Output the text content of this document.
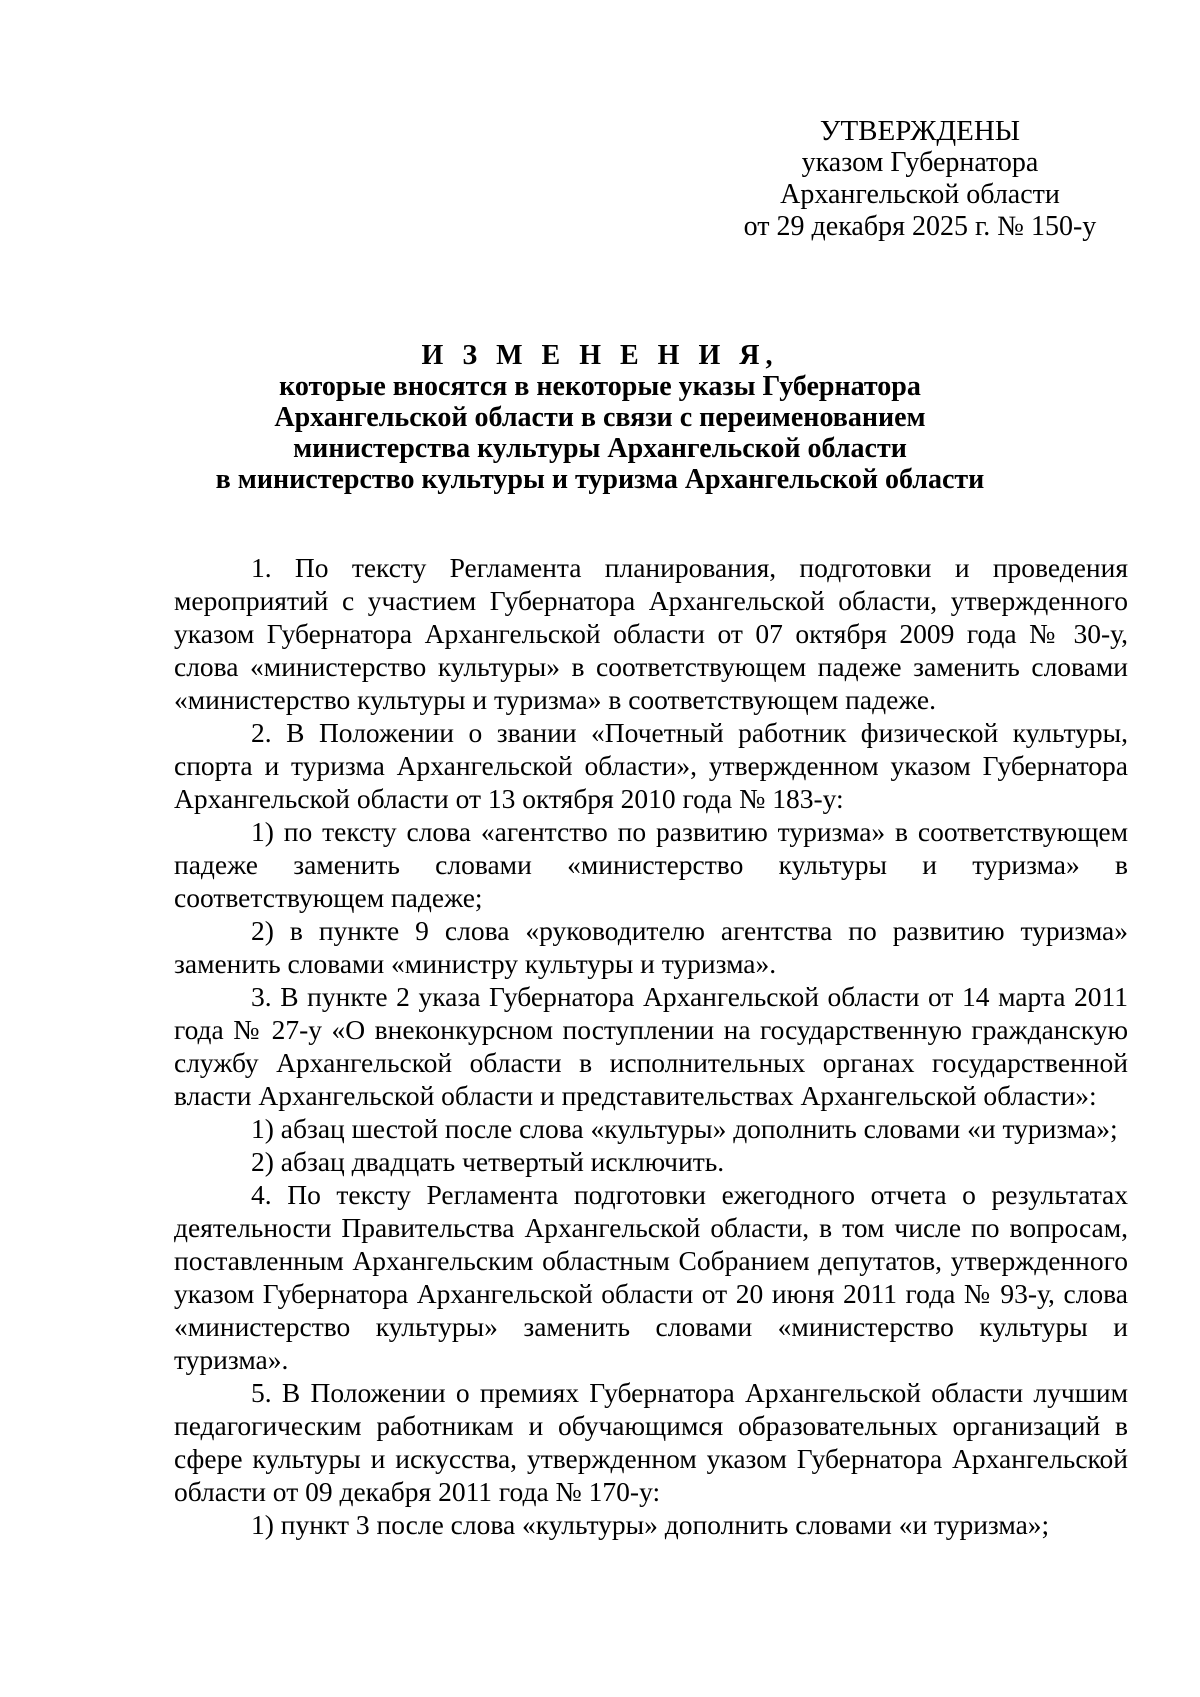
УТВЕРЖДЕНЫ
указом Губернатора
Архангельской области
от 29 декабря 2025 г. № 150-у
И З М Е Н Е Н И Я,
которые вносятся в некоторые указы Губернатора
Архангельской области в связи с переименованием
министерства культуры Архангельской области
в министерство культуры и туризма Архангельской области

1. По тексту Регламента планирования, подготовки и проведения мероприятий с участием Губернатора Архангельской области, утвержденного указом Губернатора Архангельской области от 07 октября 2009 года № 30-у, слова «министерство культуры» в соответствующем падеже заменить словами «министерство культуры и туризма» в соответствующем падеже.

2. В Положении о звании «Почетный работник физической культуры, спорта и туризма Архангельской области», утвержденном указом Губернатора Архангельской области от 13 октября 2010 года № 183-у:

1) по тексту слова «агентство по развитию туризма» в соответствующем падеже заменить словами «министерство культуры и туризма» в соответствующем падеже;

2) в пункте 9 слова «руководителю агентства по развитию туризма» заменить словами «министру культуры и туризма».

3. В пункте 2 указа Губернатора Архангельской области от 14 марта 2011 года № 27-у «О внеконкурсном поступлении на государственную гражданскую службу Архангельской области в исполнительных органах государственной власти Архангельской области и представительствах Архангельской области»:

1) абзац шестой после слова «культуры» дополнить словами «и туризма»;

2) абзац двадцать четвертый исключить.

4. По тексту Регламента подготовки ежегодного отчета о результатах деятельности Правительства Архангельской области, в том числе по вопросам, поставленным Архангельским областным Собранием депутатов, утвержденного указом Губернатора Архангельской области от 20 июня 2011 года № 93-у, слова «министерство культуры» заменить словами «министерство культуры и туризма».

5. В Положении о премиях Губернатора Архангельской области лучшим педагогическим работникам и обучающимся образовательных организаций в сфере культуры и искусства, утвержденном указом Губернатора Архангельской области от 09 декабря 2011 года № 170-у:

1) пункт 3 после слова «культуры» дополнить словами «и туризма»;
